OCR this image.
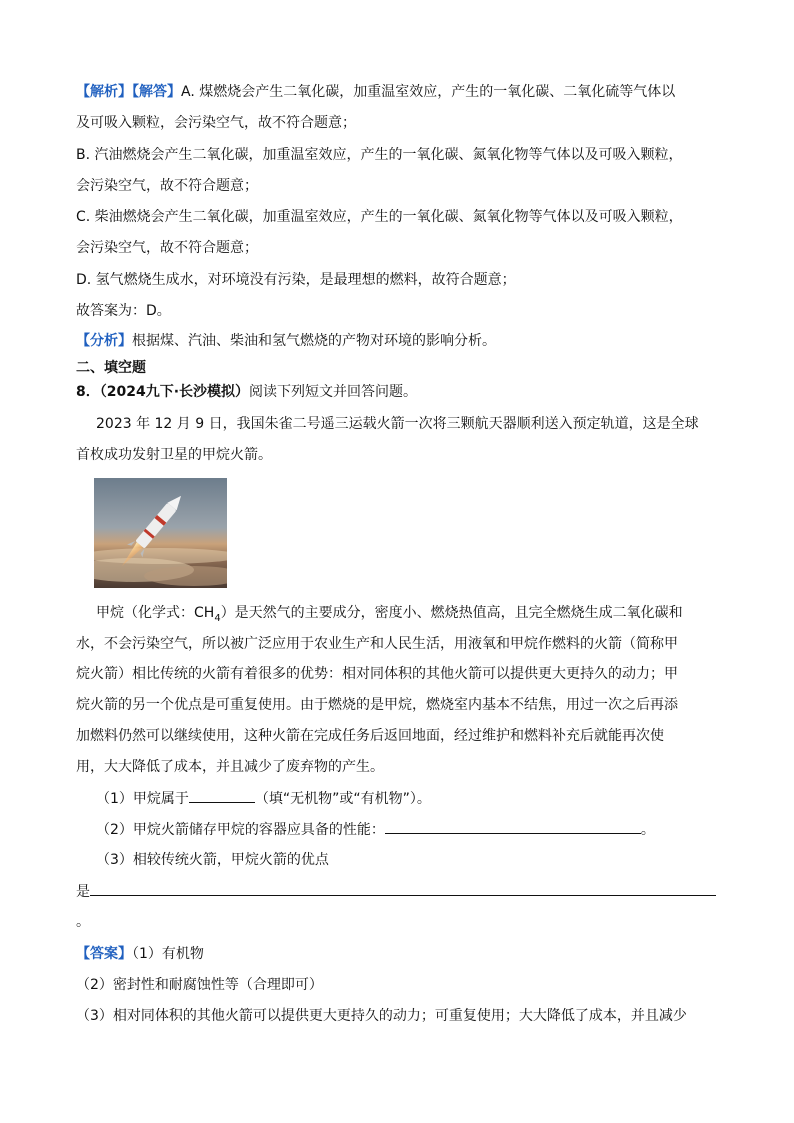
【解析】【解答】A. 煤燃烧会产生二氧化碳，加重温室效应，产生的一氧化碳、二氧化硫等气体以
及可吸入颗粒，会污染空气，故不符合题意；
B. 汽油燃烧会产生二氧化碳，加重温室效应，产生的一氧化碳、氮氧化物等气体以及可吸入颗粒，
会污染空气，故不符合题意；
C. 柴油燃烧会产生二氧化碳，加重温室效应，产生的一氧化碳、氮氧化物等气体以及可吸入颗粒，
会污染空气，故不符合题意；
D. 氢气燃烧生成水，对环境没有污染，是最理想的燃料，故符合题意；
故答案为：D。
【分析】根据煤、汽油、柴油和氢气燃烧的产物对环境的影响分析。
二、填空题
8．（2024九下·长沙模拟）阅读下列短文并回答问题。
2023 年 12 月 9 日，我国朱雀二号遥三运载火箭一次将三颗航天器顺利送入预定轨道，这是全球
首枚成功发射卫星的甲烷火箭。
甲烷（化学式：$CH_4$）是天然气的主要成分，密度小、燃烧热值高，且完全燃烧生成二氧化碳和
水，不会污染空气，所以被广泛应用于农业生产和人民生活，用液氧和甲烷作燃料的火箭（简称甲
烷火箭）相比传统的火箭有着很多的优势：相对同体积的其他火箭可以提供更大更持久的动力；甲
烷火箭的另一个优点是可重复使用。由于燃烧的是甲烷，燃烧室内基本不结焦，用过一次之后再添
加燃料仍然可以继续使用，这种火箭在完成任务后返回地面，经过维护和燃料补充后就能再次使
用，大大降低了成本，并且减少了废弃物的产生。
（1）甲烷属于	（填“无机物”或“有机物”）。
（2）甲烷火箭储存甲烷的容器应具备的性能：	。
（3）相较传统火箭，甲烷火箭的优点
是
。
【答案】（1）有机物
（2）密封性和耐腐蚀性等（合理即可）
（3）相对同体积的其他火箭可以提供更大更持久的动力；可重复使用；大大降低了成本，并且减少
